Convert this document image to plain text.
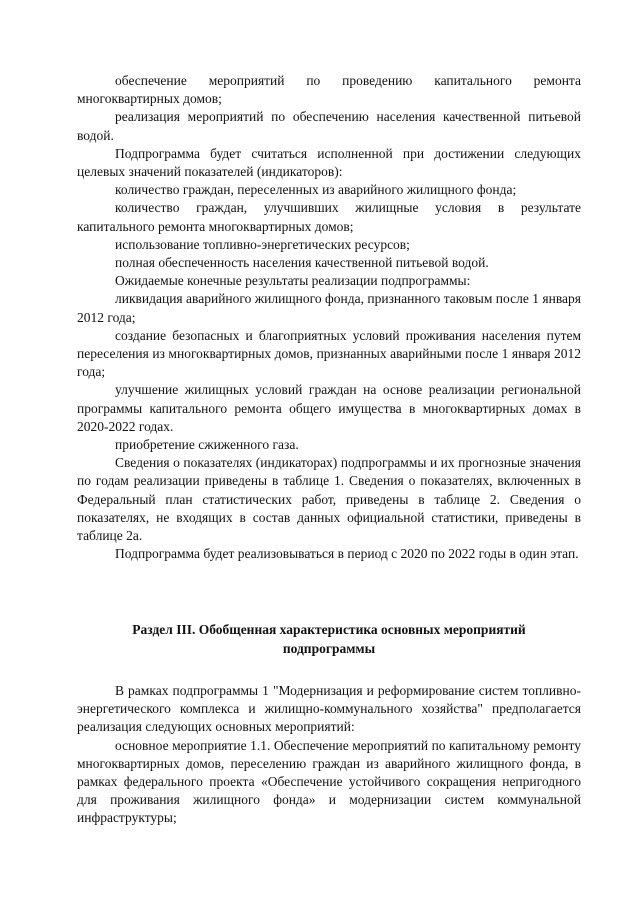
обеспечение мероприятий по проведению капитального ремонта многоквартирных домов;

реализация мероприятий по обеспечению населения качественной питьевой водой.

Подпрограмма будет считаться исполненной при достижении следующих целевых значений показателей (индикаторов):

количество граждан, переселенных из аварийного жилищного фонда;

количество граждан, улучшивших жилищные условия в результате капитального ремонта многоквартирных домов;

использование топливно-энергетических ресурсов;

полная обеспеченность населения качественной питьевой водой.

Ожидаемые конечные результаты реализации подпрограммы:

ликвидация аварийного жилищного фонда, признанного таковым после 1 января 2012 года;

создание безопасных и благоприятных условий проживания населения путем переселения из многоквартирных домов, признанных аварийными после 1 января 2012 года;

улучшение жилищных условий граждан на основе реализации региональной программы капитального ремонта общего имущества в многоквартирных домах в 2020-2022 годах.

приобретение сжиженного газа.

Сведения о показателях (индикаторах) подпрограммы и их прогнозные значения по годам реализации приведены в таблице 1. Сведения о показателях, включенных в Федеральный план статистических работ, приведены в таблице 2. Сведения о показателях, не входящих в состав данных официальной статистики, приведены в таблице 2а.

Подпрограмма будет реализовываться в период с 2020 по 2022 годы в один этап.

Раздел III. Обобщенная характеристика основных мероприятий подпрограммы

В рамках подпрограммы 1 "Модернизация и реформирование систем топливно-энергетического комплекса и жилищно-коммунального хозяйства" предполагается реализация следующих основных мероприятий:

основное мероприятие 1.1. Обеспечение мероприятий по капитальному ремонту многоквартирных домов, переселению граждан из аварийного жилищного фонда, в рамках федерального проекта «Обеспечение устойчивого сокращения непригодного для проживания жилищного фонда» и модернизации систем коммунальной инфраструктуры;
